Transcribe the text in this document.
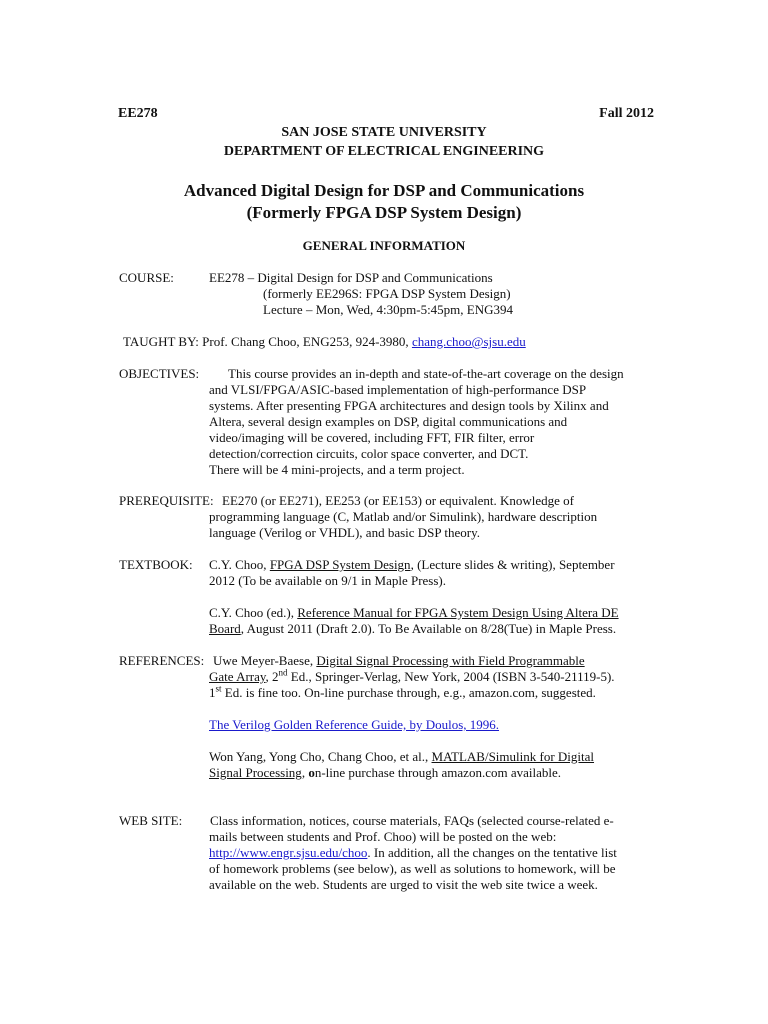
EE278	Fall 2012
SAN JOSE STATE UNIVERSITY
DEPARTMENT OF ELECTRICAL ENGINEERING
Advanced Digital Design for DSP and Communications
(Formerly FPGA DSP System Design)
GENERAL INFORMATION
COURSE:	EE278 – Digital Design for DSP and Communications
(formerly EE296S: FPGA DSP System Design)
Lecture – Mon, Wed, 4:30pm-5:45pm, ENG394
TAUGHT BY: Prof. Chang Choo, ENG253, 924-3980, chang.choo@sjsu.edu
OBJECTIVES: This course provides an in-depth and state-of-the-art coverage on the design
and VLSI/FPGA/ASIC-based implementation of high-performance DSP
systems. After presenting FPGA architectures and design tools by Xilinx and
Altera, several design examples on DSP, digital communications and
video/imaging will be covered, including FFT, FIR filter, error
detection/correction circuits, color space converter, and DCT.
There will be 4 mini-projects, and a term project.
PREREQUISITE: EE270 (or EE271), EE253 (or EE153) or equivalent. Knowledge of
programming language (C, Matlab and/or Simulink), hardware description
language (Verilog or VHDL), and basic DSP theory.
TEXTBOOK: C.Y. Choo, FPGA DSP System Design, (Lecture slides & writing), September
2012 (To be available on 9/1 in Maple Press).
C.Y. Choo (ed.), Reference Manual for FPGA System Design Using Altera DE
Board, August 2011 (Draft 2.0). To Be Available on 8/28(Tue) in Maple Press.
REFERENCES: Uwe Meyer-Baese, Digital Signal Processing with Field Programmable
Gate Array, 2nd Ed., Springer-Verlag, New York, 2004 (ISBN 3-540-21119-5).
1st Ed. is fine too. On-line purchase through, e.g., amazon.com, suggested.
The Verilog Golden Reference Guide, by Doulos, 1996.
Won Yang, Yong Cho, Chang Choo, et al., MATLAB/Simulink for Digital
Signal Processing, on-line purchase through amazon.com available.
WEB SITE: Class information, notices, course materials, FAQs (selected course-related e-
mails between students and Prof. Choo) will be posted on the web:
http://www.engr.sjsu.edu/choo. In addition, all the changes on the tentative list
of homework problems (see below), as well as solutions to homework, will be
available on the web. Students are urged to visit the web site twice a week.
